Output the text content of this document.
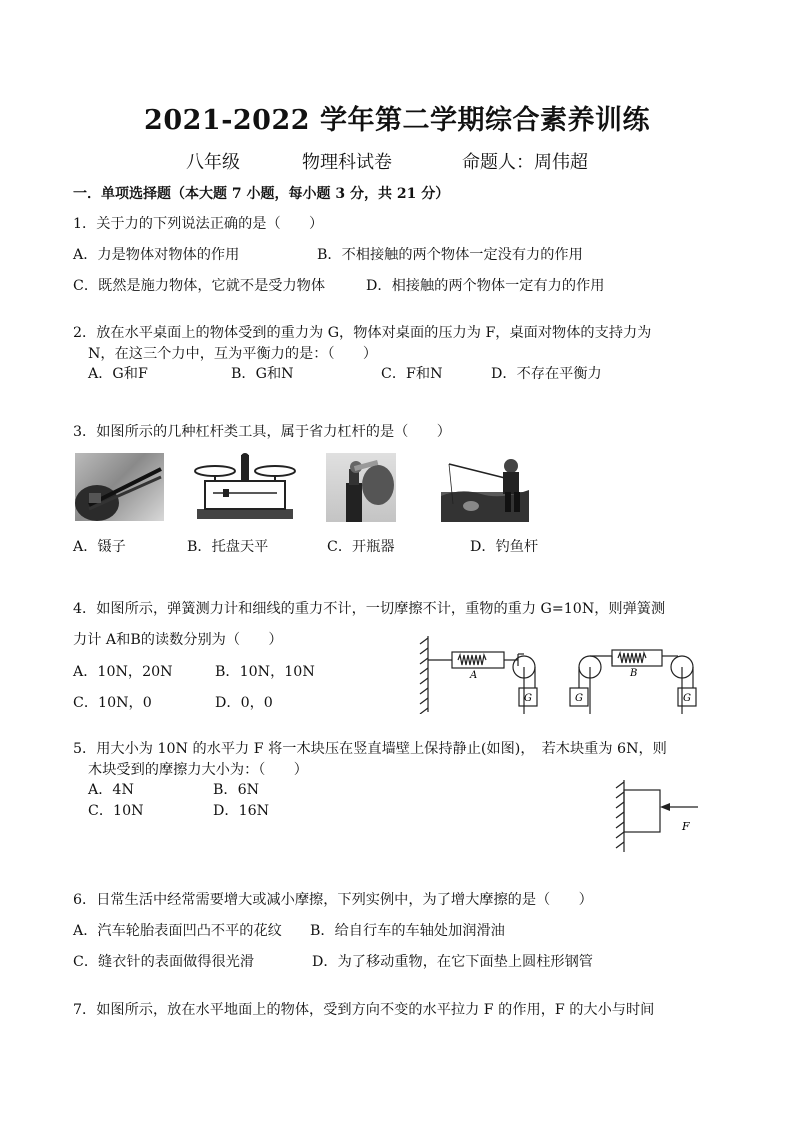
2021-2022 学年第二学期综合素养训练
八年级	物理科试卷	命题人：周伟超
一．单项选择题（本大题 7 小题，每小题 3 分，共 21 分）
1．关于力的下列说法正确的是（　　）
A．力是物体对物体的作用	B．不相接触的两个物体一定没有力的作用
C．既然是施力物体，它就不是受力物体	D．相接触的两个物体一定有力的作用
2．放在水平桌面上的物体受到的重力为 G，物体对桌面的压力为 F，桌面对物体的支持力为
N，在这三个力中，互为平衡力的是：（　　）
A．G和F	B．G和N	C．F和N	D．不存在平衡力
3．如图所示的几种杠杆类工具，属于省力杠杆的是（　　）
A．镊子	B．托盘天平	C．开瓶器	D．钓鱼杆
4．如图所示，弹簧测力计和细线的重力不计，一切摩擦不计，重物的重力 G=10N，则弹簧测
力计 A和B的读数分别为（　　）
A．10N，20N	B．10N，10N
C．10N，0	D．0，0
A	B
G	G	G
5．用大小为 10N 的水平力 F 将一木块压在竖直墙壁上保持静止(如图)，　若木块重为 6N，则
木块受到的摩擦力大小为：（　　）
A．4N	B．6N
C．10N	D．16N
F
6．日常生活中经常需要增大或减小摩擦，下列实例中，为了增大摩擦的是（　　）
A．汽车轮胎表面凹凸不平的花纹 B．给自行车的车轴处加润滑油
C．缝衣针的表面做得很光滑	D．为了移动重物，在它下面垫上圆柱形钢管
7．如图所示，放在水平地面上的物体，受到方向不变的水平拉力 F 的作用，F 的大小与时间
